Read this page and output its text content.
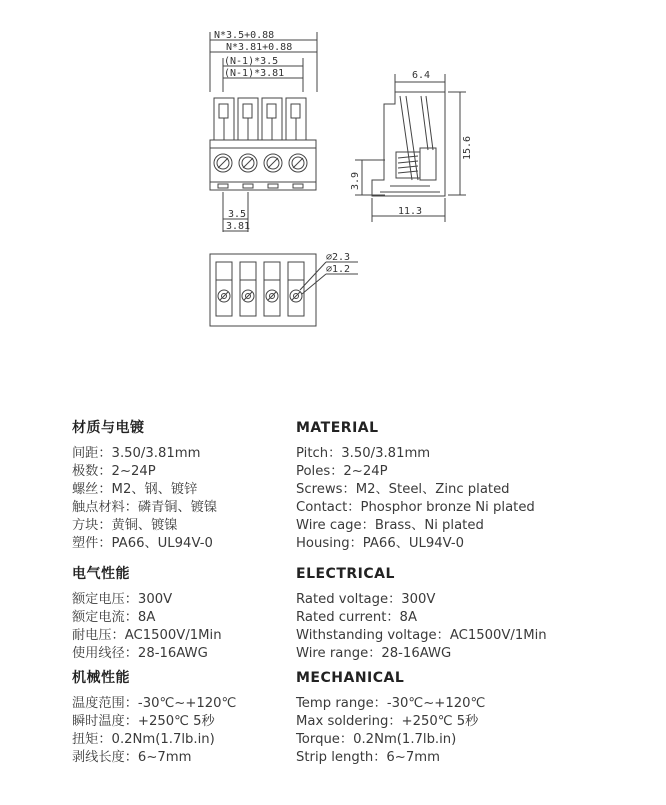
N*3.5+0.88
N*3.81+0.88
(N-1)*3.5
(N-1)*3.81
3.5
3.81
6.4
15.6
3.9
11.3
∅2.3
∅1.2
材质与电镀
间距：3.50/3.81mm
极数：2~24P
螺丝：M2、钢、镀锌
触点材料：磷青铜、镀镍
方块：黄铜、镀镍
塑件：PA66、UL94V-0
电气性能
额定电压：300V
额定电流：8A
耐电压：AC1500V/1Min
使用线径：28-16AWG
机械性能
温度范围：-30℃~+120℃
瞬时温度：+250℃ 5秒
扭矩：0.2Nm(1.7lb.in)
剥线长度：6~7mm
MATERIAL
Pitch：3.50/3.81mm
Poles：2~24P
Screws：M2、Steel、Zinc plated
Contact：Phosphor bronze Ni plated
Wire cage：Brass、Ni plated
Housing：PA66、UL94V-0
ELECTRICAL
Rated voltage：300V
Rated current：8A
Withstanding voltage：AC1500V/1Min
Wire range：28-16AWG
MECHANICAL
Temp range：-30℃~+120℃
Max soldering：+250℃ 5秒
Torque：0.2Nm(1.7lb.in)
Strip length：6~7mm
